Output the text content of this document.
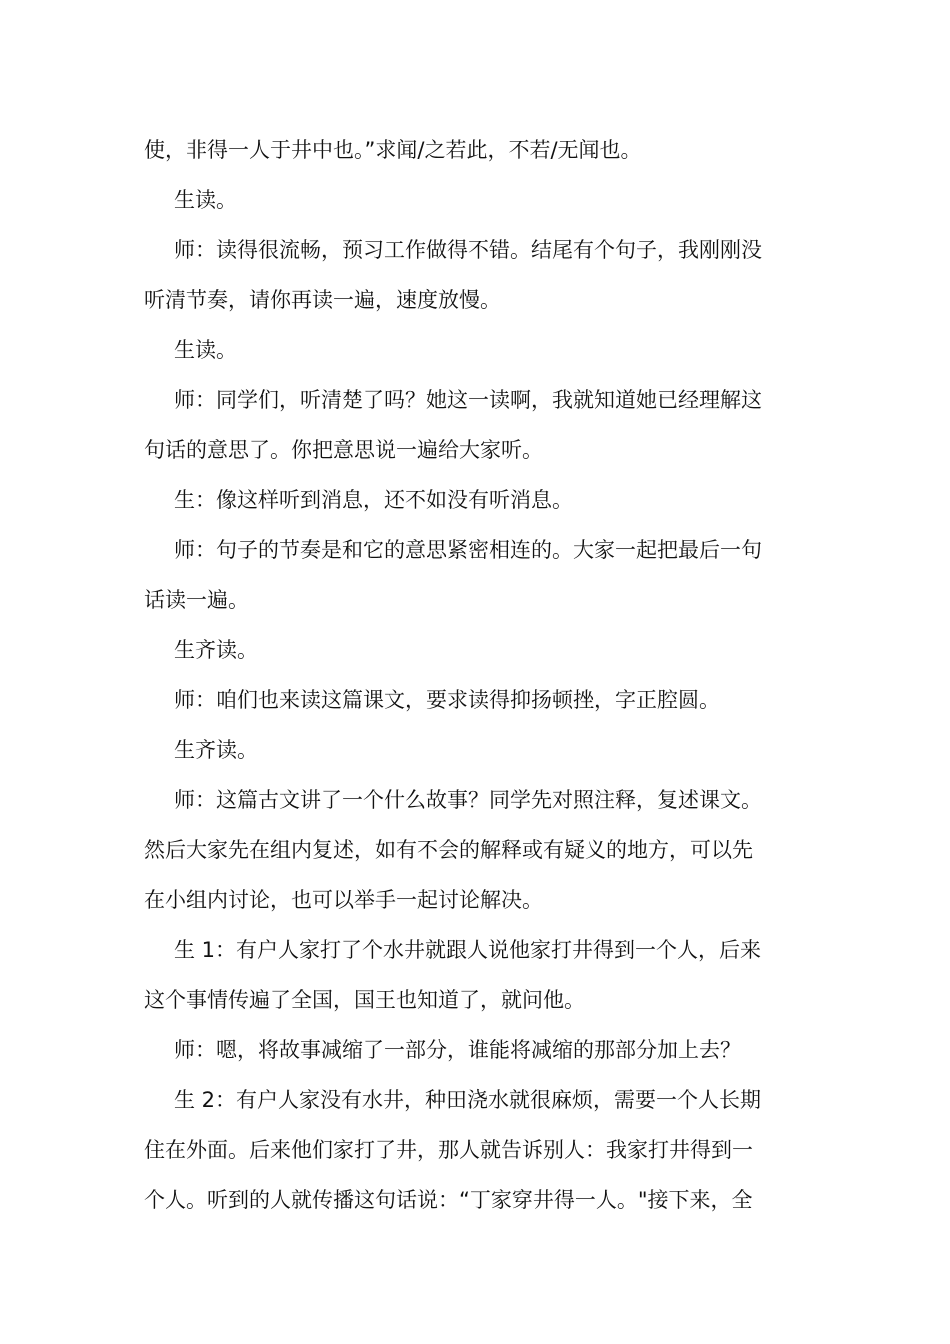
使，非得一人于井中也。”求闻/之若此，不若/无闻也。
生读。
师：读得很流畅，预习工作做得不错。结尾有个句子，我刚刚没
听清节奏，请你再读一遍，速度放慢。
生读。
师：同学们，听清楚了吗？她这一读啊，我就知道她已经理解这
句话的意思了。你把意思说一遍给大家听。
生：像这样听到消息，还不如没有听消息。
师：句子的节奏是和它的意思紧密相连的。大家一起把最后一句
话读一遍。
生齐读。
师：咱们也来读这篇课文，要求读得抑扬顿挫，字正腔圆。
生齐读。
师：这篇古文讲了一个什么故事？同学先对照注释，复述课文。
然后大家先在组内复述，如有不会的解释或有疑义的地方，可以先
在小组内讨论，也可以举手一起讨论解决。
生 1：有户人家打了个水井就跟人说他家打井得到一个人，后来
这个事情传遍了全国，国王也知道了，就问他。
师：嗯，将故事减缩了一部分，谁能将减缩的那部分加上去？
生 2：有户人家没有水井，种田浇水就很麻烦，需要一个人长期
住在外面。后来他们家打了井，那人就告诉别人：我家打井得到一
个人。听到的人就传播这句话说：“丁家穿井得一人。"接下来，全
